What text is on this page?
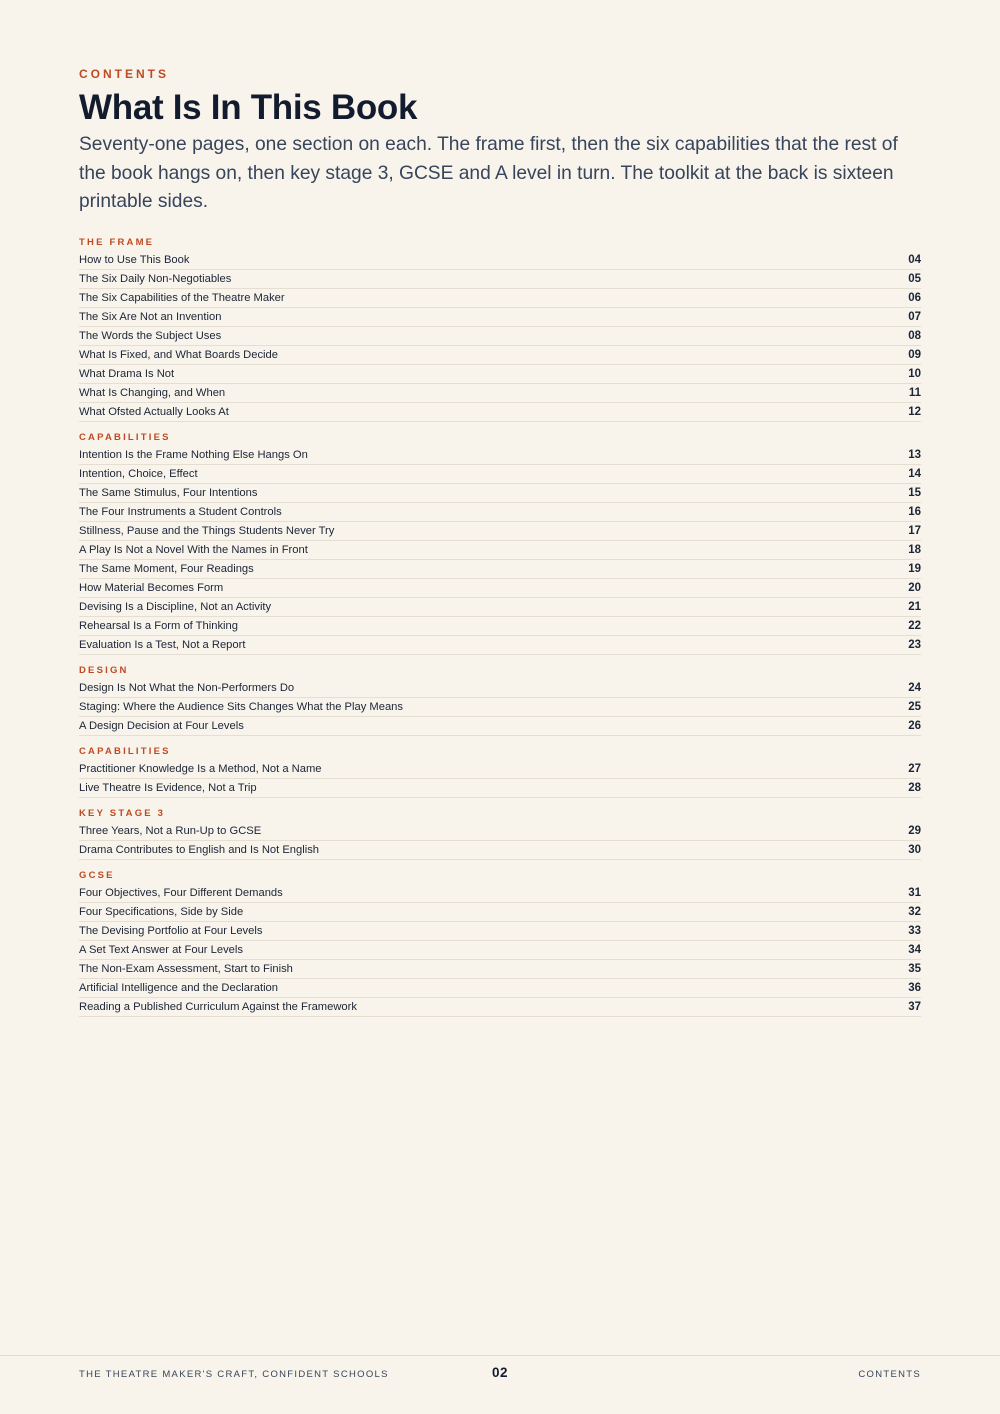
CONTENTS
What Is In This Book

Seventy-one pages, one section on each. The frame first, then the six capabilities that the rest of the book hangs on, then key stage 3, GCSE and A level in turn. The toolkit at the back is sixteen printable sides.

THE FRAME
How to Use This Book	04
The Six Daily Non-Negotiables	05
The Six Capabilities of the Theatre Maker	06
The Six Are Not an Invention	07
The Words the Subject Uses	08
What Is Fixed, and What Boards Decide	09
What Drama Is Not	10
What Is Changing, and When	11
What Ofsted Actually Looks At	12
CAPABILITIES
Intention Is the Frame Nothing Else Hangs On	13
Intention, Choice, Effect	14
The Same Stimulus, Four Intentions	15
The Four Instruments a Student Controls	16
Stillness, Pause and the Things Students Never Try	17
A Play Is Not a Novel With the Names in Front	18
The Same Moment, Four Readings	19
How Material Becomes Form	20
Devising Is a Discipline, Not an Activity	21
Rehearsal Is a Form of Thinking	22
Evaluation Is a Test, Not a Report	23
DESIGN
Design Is Not What the Non-Performers Do	24
Staging: Where the Audience Sits Changes What the Play Means	25
A Design Decision at Four Levels	26
CAPABILITIES
Practitioner Knowledge Is a Method, Not a Name	27
Live Theatre Is Evidence, Not a Trip	28
KEY STAGE 3
Three Years, Not a Run-Up to GCSE	29
Drama Contributes to English and Is Not English	30
GCSE
Four Objectives, Four Different Demands	31
Four Specifications, Side by Side	32
The Devising Portfolio at Four Levels	33
A Set Text Answer at Four Levels	34
The Non-Exam Assessment, Start to Finish	35
Artificial Intelligence and the Declaration	36
Reading a Published Curriculum Against the Framework	37
THE THEATRE MAKER'S CRAFT, CONFIDENT SCHOOLS	02	CONTENTS
